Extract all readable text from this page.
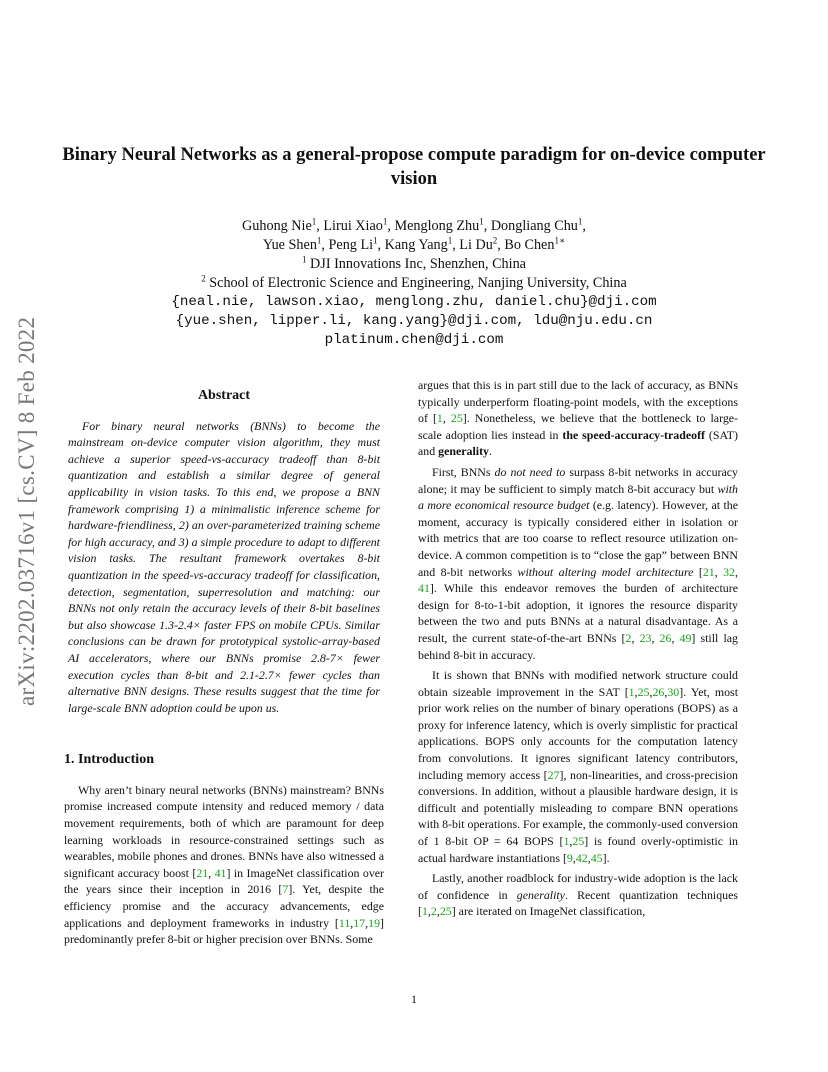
arXiv:2202.03716v1 [cs.CV] 8 Feb 2022
Binary Neural Networks as a general-propose compute paradigm for on-device computer vision
Guhong Nie$^1$, Lirui Xiao$^1$, Menglong Zhu$^1$, Dongliang Chu$^1$,
Yue Shen$^1$, Peng Li$^1$, Kang Yang$^1$, Li Du$^2$, Bo Chen$^{1∗}$
$^1$ DJI Innovations Inc, Shenzhen, China
$^2$ School of Electronic Science and Engineering, Nanjing University, China
{neal.nie, lawson.xiao, menglong.zhu, daniel.chu}@dji.com
{yue.shen, lipper.li, kang.yang}@dji.com, ldu@nju.edu.cn
platinum.chen@dji.com
Abstract

For binary neural networks (BNNs) to become the mainstream on-device computer vision algorithm, they must achieve a superior speed-vs-accuracy tradeoff than 8-bit quantization and establish a similar degree of general applicability in vision tasks. To this end, we propose a BNN framework comprising 1) a minimalistic inference scheme for hardware-friendliness, 2) an over-parameterized training scheme for high accuracy, and 3) a simple procedure to adapt to different vision tasks. The resultant framework overtakes 8-bit quantization in the speed-vs-accuracy tradeoff for classification, detection, segmentation, superresolution and matching: our BNNs not only retain the accuracy levels of their 8-bit baselines but also showcase 1.3-2.4× faster FPS on mobile CPUs. Similar conclusions can be drawn for prototypical systolic-array-based AI accelerators, where our BNNs promise 2.8-7× fewer execution cycles than 8-bit and 2.1-2.7× fewer cycles than alternative BNN designs. These results suggest that the time for large-scale BNN adoption could be upon us.

1. Introduction

Why aren’t binary neural networks (BNNs) mainstream? BNNs promise increased compute intensity and reduced memory / data movement requirements, both of which are paramount for deep learning workloads in resource-constrained settings such as wearables, mobile phones and drones. BNNs have also witnessed a significant accuracy boost [21, 41] in ImageNet classification over the years since their inception in 2016 [7]. Yet, despite the efficiency promise and the accuracy advancements, edge applications and deployment frameworks in industry [11,17,19] predominantly prefer 8-bit or higher precision over BNNs. Some

argues that this is in part still due to the lack of accuracy, as BNNs typically underperform floating-point models, with the exceptions of [1, 25]. Nonetheless, we believe that the bottleneck to large-scale adoption lies instead in the speed-accuracy-tradeoff (SAT) and generality.

First, BNNs do not need to surpass 8-bit networks in accuracy alone; it may be sufficient to simply match 8-bit accuracy but with a more economical resource budget (e.g. latency). However, at the moment, accuracy is typically considered either in isolation or with metrics that are too coarse to reflect resource utilization on-device. A common competition is to “close the gap” between BNN and 8-bit networks without altering model architecture [21, 32, 41]. While this endeavor removes the burden of architecture design for 8-to-1-bit adoption, it ignores the resource disparity between the two and puts BNNs at a natural disadvantage. As a result, the current state-of-the-art BNNs [2, 23, 26, 49] still lag behind 8-bit in accuracy.

It is shown that BNNs with modified network structure could obtain sizeable improvement in the SAT [1,25,26,30]. Yet, most prior work relies on the number of binary operations (BOPS) as a proxy for inference latency, which is overly simplistic for practical applications. BOPS only accounts for the computation latency from convolutions. It ignores significant latency contributors, including memory access [27], non-linearities, and cross-precision conversions. In addition, without a plausible hardware design, it is difficult and potentially misleading to compare BNN operations with 8-bit operations. For example, the commonly-used conversion of 1 8-bit OP = 64 BOPS [1,25] is found overly-optimistic in actual hardware instantiations [9,42,45].

Lastly, another roadblock for industry-wide adoption is the lack of confidence in generality. Recent quantization techniques [1,2,25] are iterated on ImageNet classification,

1
